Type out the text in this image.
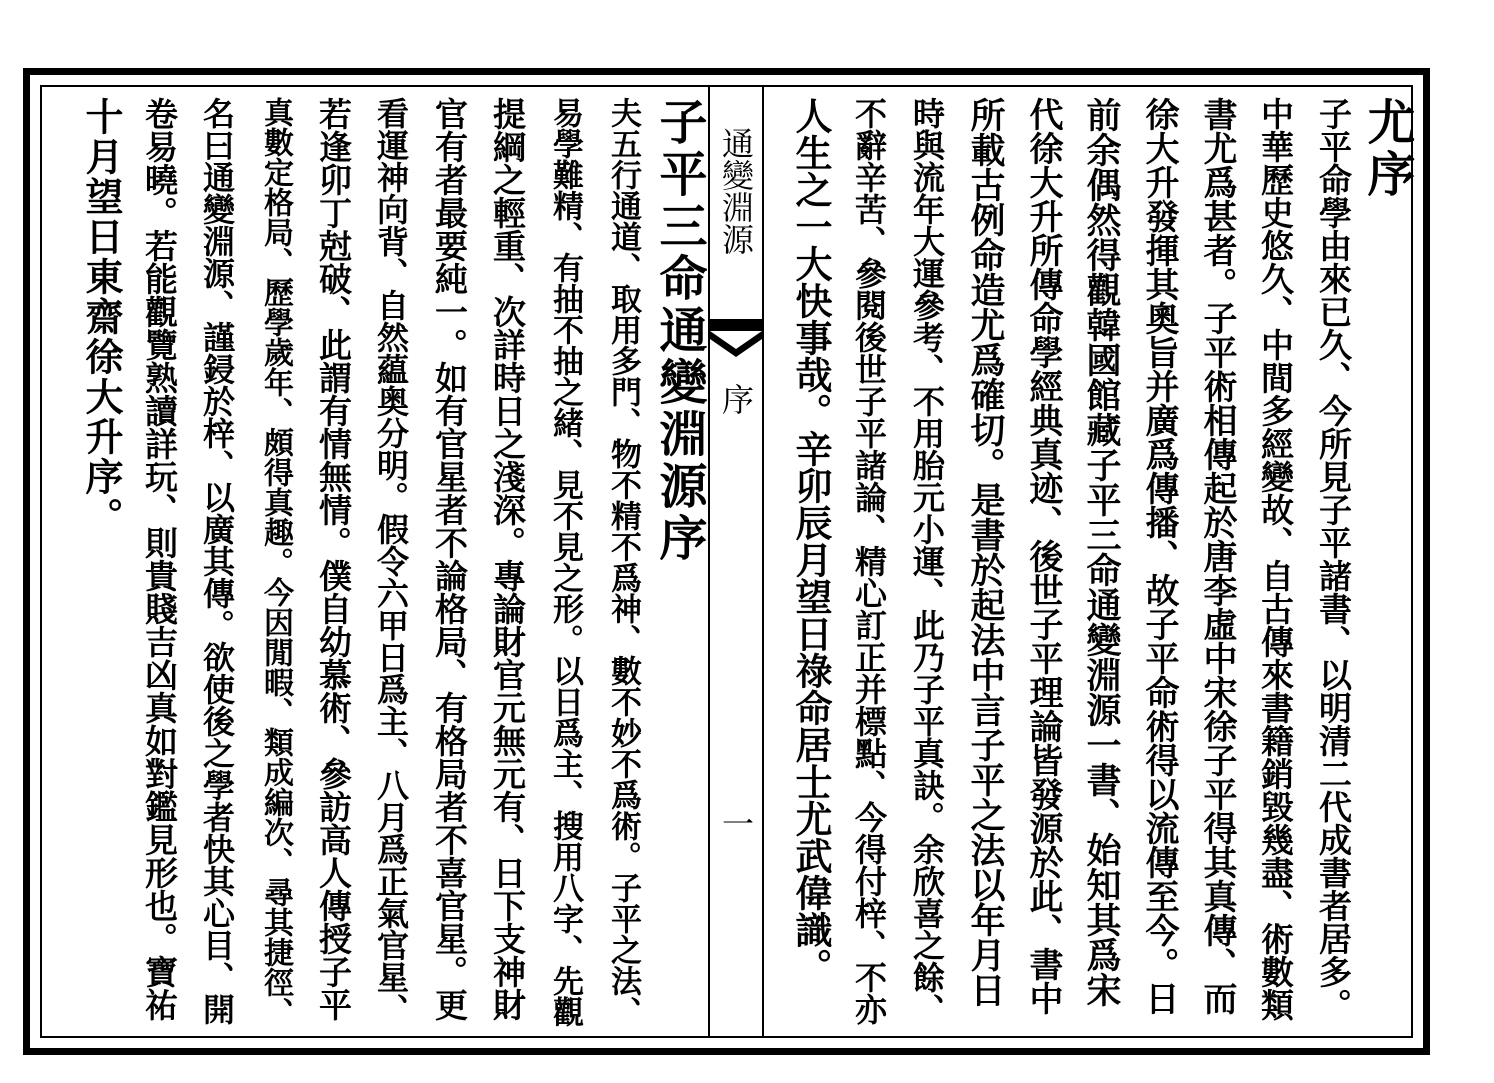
尤序
子平命學由來已久、今所見子平諸書、以明清二代成書者居多。
中華歷史悠久、中間多經變故、自古傳來書籍銷毀幾盡、術數類
書尤爲甚者。子平術相傳起於唐李虛中宋徐子平得其真傳、而
徐大升發揮其奧旨并廣爲傳播、故子平命術得以流傳至今。日
前余偶然得觀韓國館藏子平三命通變淵源一書、始知其爲宋
代徐大升所傳命學經典真迹、後世子平理論皆發源於此、書中
所載古例命造尤爲確切。是書於起法中言子平之法以年月日
時與流年大運參考、不用胎元小運、此乃子平真訣。余欣喜之餘、
不辭辛苦、參閱後世子平諸論、精心訂正并標點、今得付梓、不亦
人生之一大快事哉。辛卯辰月望日祿命居士尤武偉識。
通變淵源
序
一
子平三命通變淵源序
夫五行通道、取用多門、物不精不爲神、數不妙不爲術。子平之法、
易學難精、有抽不抽之緒、見不見之形。以日爲主、搜用八字、先觀
提綱之輕重、次詳時日之淺深。專論財官元無元有、日下支神財
官有者最要純一。如有官星者不論格局、有格局者不喜官星。更
看運神向背、自然藴奥分明。假令六甲日爲主、八月爲正氣官星、
若逢卯丁尅破、此謂有情無情。僕自幼慕術、參訪高人傳授子平
真數定格局、歷學歲年、頗得真趣。今因閒暇、類成編次、尋其捷徑、
名曰通變淵源、謹鋟於梓、以廣其傳。欲使後之學者快其心目、開
卷易曉。若能觀覽熟讀詳玩、則貴賤吉凶真如對鑑見形也。寶祐
十月望日東齋徐大升序。
